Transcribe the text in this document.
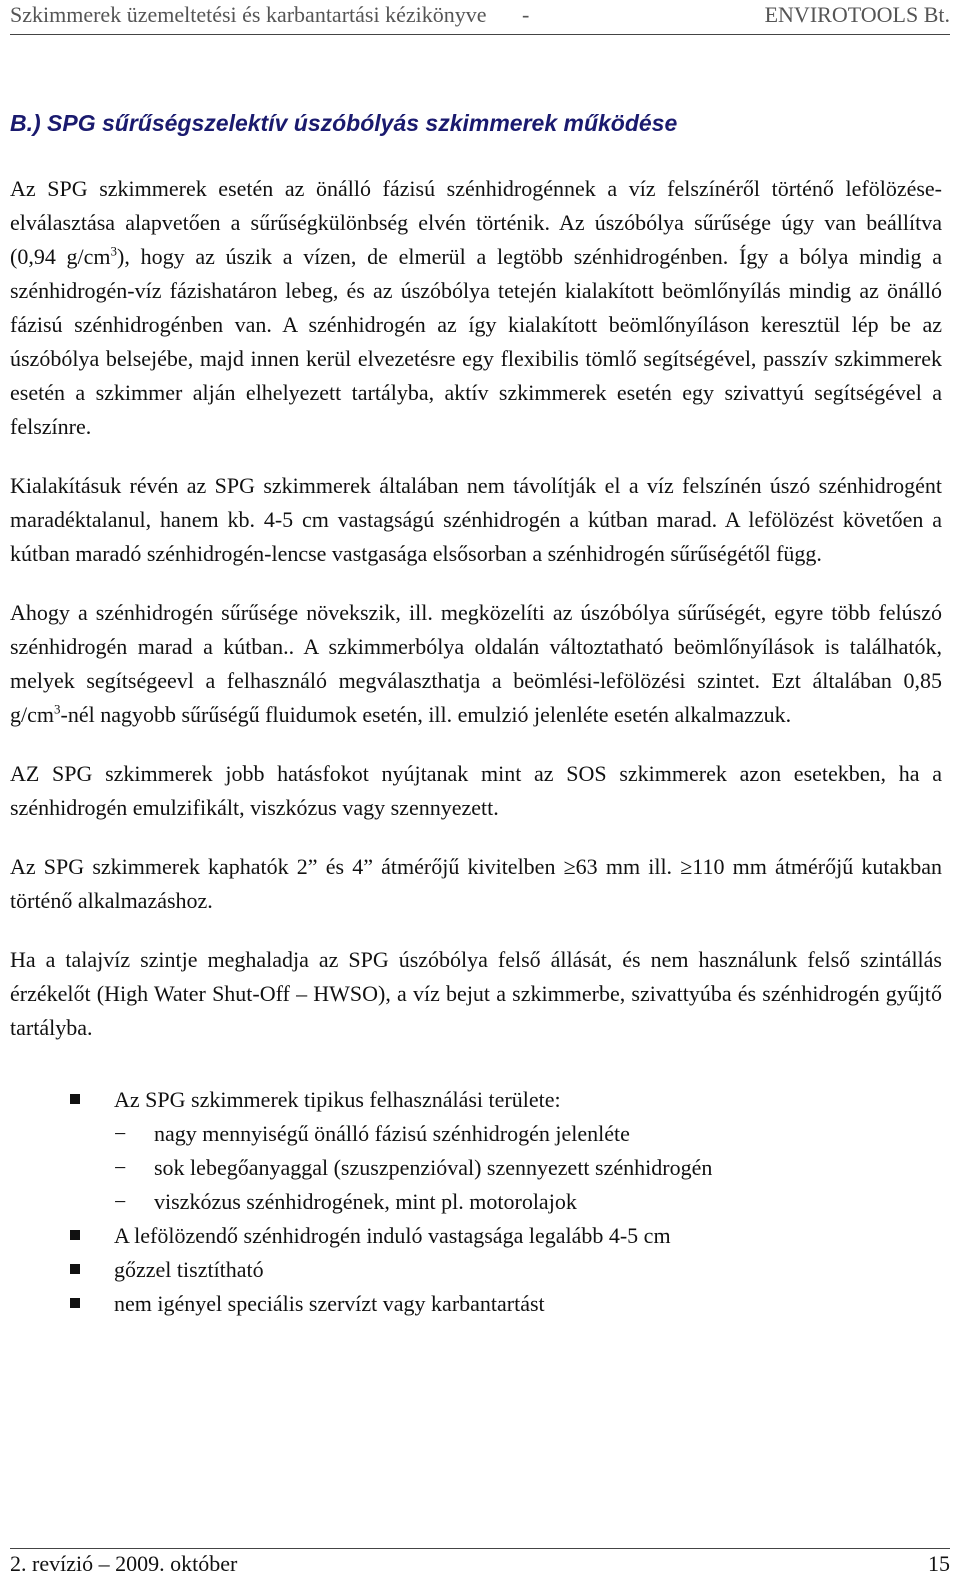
Szkimmerek üzemeltetési és karbantartási kézikönyve -	ENVIROTOOLS Bt.
B.) SPG sűrűségszelektív úszóbólyás szkimmerek működése

Az SPG szkimmerek esetén az önálló fázisú szénhidrogénnek a víz felszínéről történő lefölözése-elválasztása alapvetően a sűrűségkülönbség elvén történik. Az úszóbólya sűrűsége úgy van beállítva (0,94 $g/cm^3$), hogy az úszik a vízen, de elmerül a legtöbb szénhidrogénben. Így a bólya mindig a szénhidrogén-víz fázishatáron lebeg, és az úszóbólya tetején kialakított beömlőnyílás mindig az önálló fázisú szénhidrogénben van. A szénhidrogén az így kialakított beömlőnyíláson keresztül lép be az úszóbólya belsejébe, majd innen kerül elvezetésre egy flexibilis tömlő segítségével, passzív szkimmerek esetén a szkimmer alján elhelyezett tartályba, aktív szkimmerek esetén egy szivattyú segítségével a felszínre.

Kialakításuk révén az SPG szkimmerek általában nem távolítják el a víz felszínén úszó szénhidrogént maradéktalanul, hanem kb. 4-5 cm vastagságú szénhidrogén a kútban marad. A lefölözést követően a kútban maradó szénhidrogén-lencse vastgasága elsősorban a szénhidrogén sűrűségétől függ.

Ahogy a szénhidrogén sűrűsége növekszik, ill. megközelíti az úszóbólya sűrűségét, egyre több felúszó szénhidrogén marad a kútban.. A szkimmerbólya oldalán változtatható beömlőnyílások is találhatók, melyek segítségeevl a felhasználó megválaszthatja a beömlési-lefölözési szintet. Ezt általában 0,85 $g/cm^3$-nél nagyobb sűrűségű fluidumok esetén, ill. emulzió jelenléte esetén alkalmazzuk.

AZ SPG szkimmerek jobb hatásfokot nyújtanak mint az SOS szkimmerek azon esetekben, ha a szénhidrogén emulzifikált, viszkózus vagy szennyezett.

Az SPG szkimmerek kaphatók 2” és 4” átmérőjű kivitelben ≥63 mm ill. ≥110 mm átmérőjű kutakban történő alkalmazáshoz.

Ha a talajvíz szintje meghaladja az SPG úszóbólya felső állását, és nem használunk felső szintállás érzékelőt (High Water Shut-Off – HWSO), a víz bejut a szkimmerbe, szivattyúba és szénhidrogén gyűjtő tartályba.

Az SPG szkimmerek tipikus felhasználási területe:
− nagy mennyiségű önálló fázisú szénhidrogén jelenléte
− sok lebegőanyaggal (szuszpenzióval) szennyezett szénhidrogén
− viszkózus szénhidrogének, mint pl. motorolajok
A lefölözendő szénhidrogén induló vastagsága legalább 4-5 cm
gőzzel tisztítható
nem igényel speciális szervízt vagy karbantartást
2. revízió – 2009. október	15
